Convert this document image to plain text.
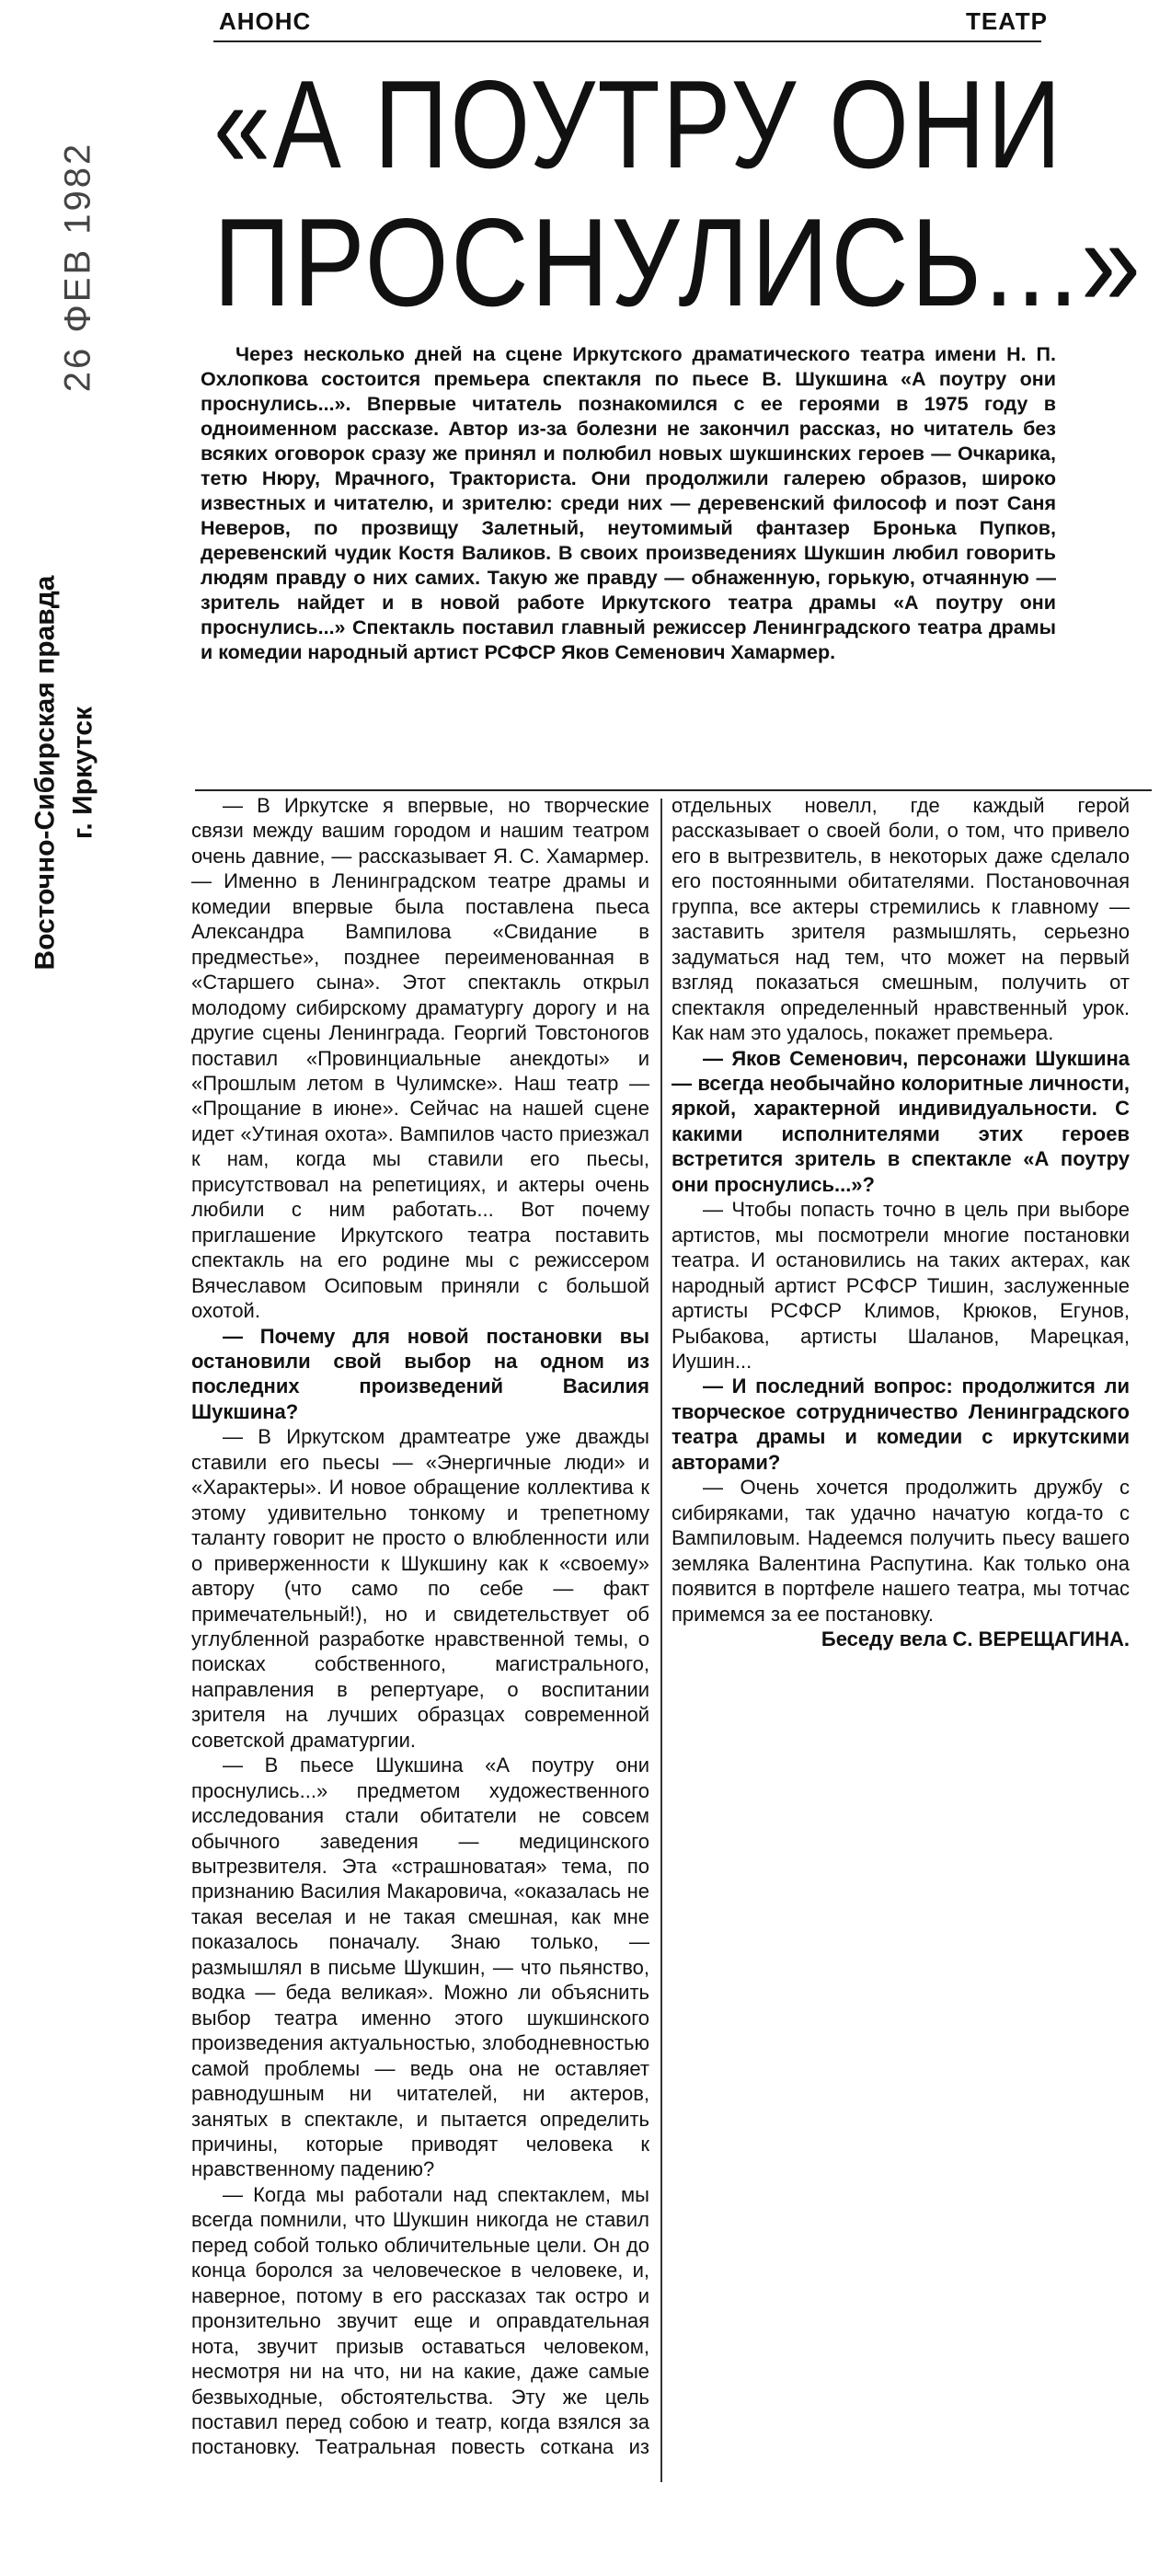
АНОНС	ТЕАТР
26 ФЕВ 1982
Восточно-Сибирская правда г. Иркутск
«А ПОУТРУ ОНИ
ПРОСНУЛИСЬ...»

Через несколько дней на сцене Иркутского драматического театра имени Н. П. Охлопкова состоится премьера спектакля по пьесе В. Шукшина «А поутру они проснулись...». Впервые читатель познакомился с ее героями в 1975 году в одноименном рассказе. Автор из-за болезни не закончил рассказ, но читатель без всяких оговорок сразу же принял и полюбил новых шукшинских героев — Очкарика, тетю Нюру, Мрачного, Тракториста. Они продолжили галерею образов, широко известных и читателю, и зрителю: среди них — деревенский философ и поэт Саня Неверов, по прозвищу Залетный, неутомимый фантазер Бронька Пупков, деревенский чудик Костя Валиков. В своих произведениях Шукшин любил говорить людям правду о них самих. Такую же правду — обнаженную, горькую, отчаянную — зритель найдет и в новой работе Иркутского театра драмы «А поутру они проснулись...» Спектакль поставил главный режиссер Ленинградского театра драмы и комедии народный артист РСФСР Яков Семенович Хамармер.

— В Иркутске я впервые, но творческие связи между вашим городом и нашим театром очень давние, — рассказывает Я. С. Хамармер. — Именно в Ленинградском театре драмы и комедии впервые была поставлена пьеса Александра Вампилова «Свидание в предместье», позднее переименованная в «Старшего сына». Этот спектакль открыл молодому сибирскому драматургу дорогу и на другие сцены Ленинграда. Георгий Товстоногов поставил «Провинциальные анекдоты» и «Прошлым летом в Чулимске». Наш театр — «Прощание в июне». Сейчас на нашей сцене идет «Утиная охота». Вампилов часто приезжал к нам, когда мы ставили его пьесы, присутствовал на репетициях, и актеры очень любили с ним работать... Вот почему приглашение Иркутского театра поставить спектакль на его родине мы с режиссером Вячеславом Осиповым приняли с большой охотой.

— Почему для новой постановки вы остановили свой выбор на одном из последних произведений Василия Шукшина?

— В Иркутском драмтеатре уже дважды ставили его пьесы — «Энергичные люди» и «Характеры». И новое обращение коллектива к этому удивительно тонкому и трепетному таланту говорит не просто о влюбленности или о приверженности к Шукшину как к «своему» автору (что само по себе — факт примечательный!), но и свидетельствует об углубленной разработке нравственной темы, о поисках собственного, магистрального, направления в репертуаре, о воспитании зрителя на лучших образцах современной советской драматургии.

— В пьесе Шукшина «А поутру они проснулись...» предметом художественного исследования стали обитатели не совсем обычного заведения — медицинского вытрезвителя. Эта «страшноватая» тема, по признанию Василия Макаровича, «оказалась не такая веселая и не такая смешная, как мне показалось поначалу. Знаю только, — размышлял в письме Шукшин, — что пьянство, водка — беда великая». Можно ли объяснить выбор театра именно этого шукшинского произведения актуальностью, злободневностью самой проблемы — ведь она не оставляет равнодушным ни читателей, ни актеров, занятых в спектакле, и пытается определить причины, которые приводят человека к нравственному падению?

— Когда мы работали над спектаклем, мы всегда помнили, что Шукшин никогда не ставил перед собой только обличительные цели. Он до конца боролся за человеческое в человеке, и, наверное, потому в его рассказах так остро и пронзительно звучит еще и оправдательная нота, звучит призыв оставаться человеком, несмотря ни на что, ни на какие, даже самые безвыходные, обстоятельства. Эту же цель поставил перед собою и театр, когда взялся за постановку. Театральная повесть соткана из отдельных новелл, где каждый герой рассказывает о своей боли, о том, что привело его в вытрезвитель, в некоторых даже сделало его постоянными обитателями. Постановочная группа, все актеры стремились к главному — заставить зрителя размышлять, серьезно задуматься над тем, что может на первый взгляд показаться смешным, получить от спектакля определенный нравственный урок. Как нам это удалось, покажет премьера.

— Яков Семенович, персонажи Шукшина — всегда необычайно колоритные личности, яркой, характерной индивидуальности. С какими исполнителями этих героев встретится зритель в спектакле «А поутру они проснулись...»?

— Чтобы попасть точно в цель при выборе артистов, мы посмотрели многие постановки театра. И остановились на таких актерах, как народный артист РСФСР Тишин, заслуженные артисты РСФСР Климов, Крюков, Егунов, Рыбакова, артисты Шаланов, Марецкая, Иушин...

— И последний вопрос: продолжится ли творческое сотрудничество Ленинградского театра драмы и комедии с иркутскими авторами?

— Очень хочется продолжить дружбу с сибиряками, так удачно начатую когда-то с Вампиловым. Надеемся получить пьесу вашего земляка Валентина Распутина. Как только она появится в портфеле нашего театра, мы тотчас примемся за ее постановку.

Беседу вела С. ВЕРЕЩАГИНА.
